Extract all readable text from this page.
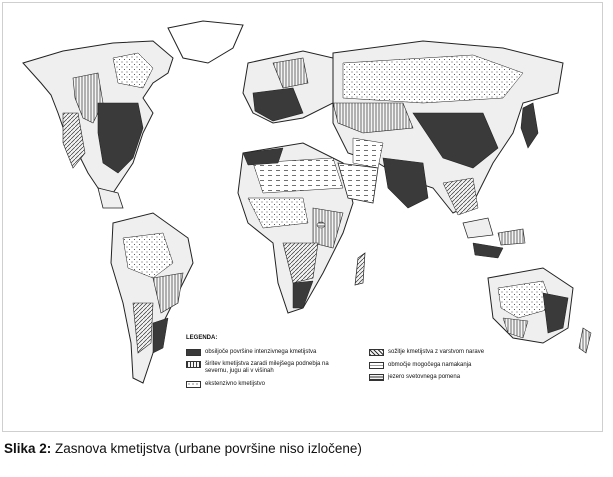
LEGENDA:
obsiljoče površine intenzivnega kmetijstva
širitev kmetijstva zaradi milejšega podnebja na
severnu, jugu ali v višinah
ekstenzivno kmetijstvo
sožitje kmetijstva z varstvom narave
območje mogočega namakanja
jezero svetovnega pomena
Slika 2: Zasnova kmetijstva (urbane površine niso izločene)
